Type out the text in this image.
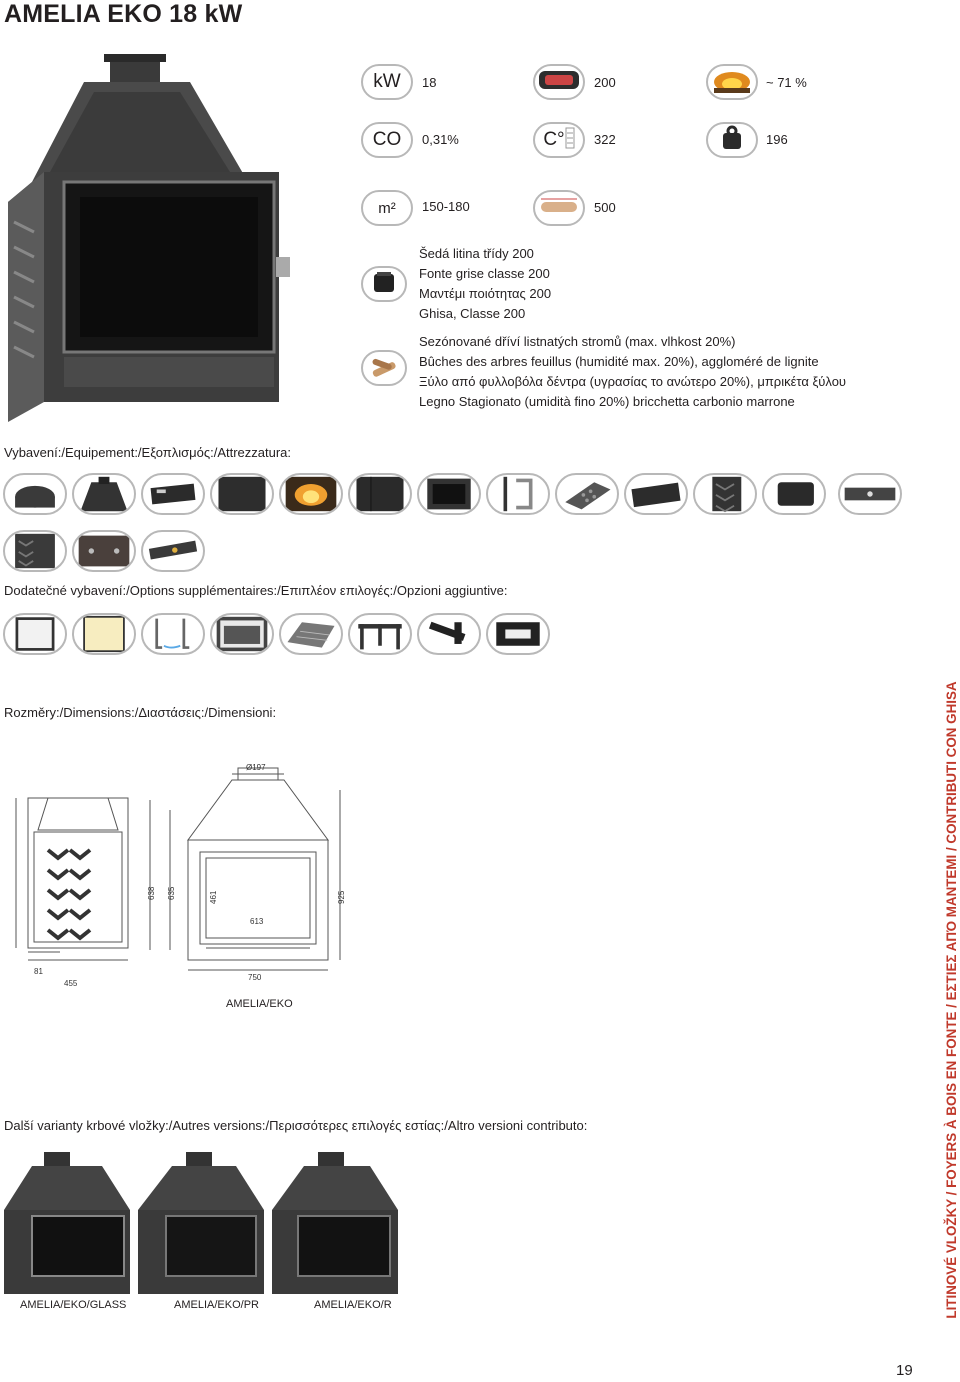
AMELIA EKO 18 kW
kW 18	200	~ 71 %
CO 0,31%	C° 322	196
m² 150-180	500
Šedá litina třídy 200
Fonte grise classe 200
Μαντέμι ποιότητας 200
Ghisa, Classe 200
Sezónované dříví listnatých stromů (max. vlhkost 20%)
Bûches des arbres feuillus (humidité max. 20%), aggloméré de lignite
Ξύλο από φυλλοβόλα δέντρα (υγρασίας το ανώτερο 20%), μπρικέτα ξύλου
Legno Stagionato (umidità fino 20%) bricchetta carbonio marrone
Vybavení:/Equipement:/Εξοπλισμός:/Attrezzatura:
Dodatečné vybavení:/Options supplémentaires:/Επιπλέον επιλογές:/Opzioni aggiuntive:
Rozměry:/Dimensions:/Διαστάσεις:/Dimensioni:
Ø197
638 635	461
613
750
925
81
455
AMELIA/EKO
Další varianty krbové vložky:/Autres versions:/Περισσότερες επιλογές εστίας:/Altro versioni contributo:
AMELIA/EKO/GLASS	AMELIA/EKO/PR	AMELIA/EKO/R	LITINOVÉ VLOŽKY / FOYERS À BOIS EN FONTE / ΕΣΤΙΕΣ ΑΠΌ ΜΑΝΤΕΜΙ / CONTRIBUTI CON GHISA
19
